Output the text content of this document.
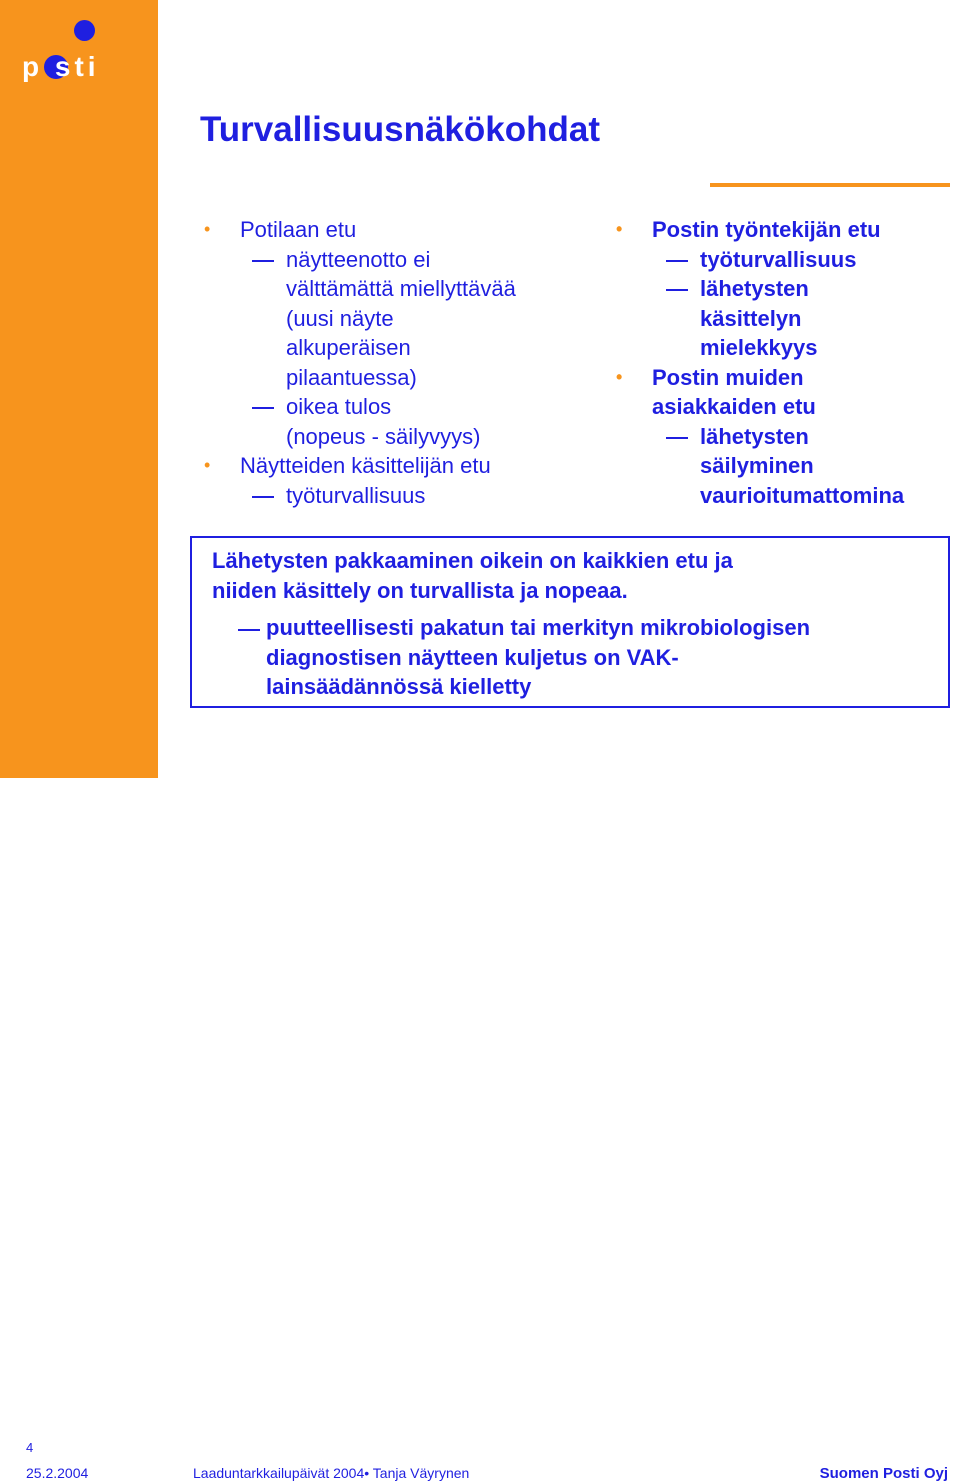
p sti
Turvallisuusnäkökohdat
• Potilaan etu
näytteenotto ei
välttämättä miellyttävää
(uusi näyte
alkuperäisen
pilaantuessa)
oikea tulos
(nopeus - säilyvyys)
• Näytteiden käsittelijän etu
työturvallisuus
• Postin työntekijän etu
työturvallisuus
lähetysten
käsittelyn
mielekkyys
• Postin muiden
asiakkaiden etu
lähetysten
säilyminen
vaurioitumattomina
Lähetysten pakkaaminen oikein on kaikkien etu ja
niiden käsittely on turvallista ja nopeaa.
puutteellisesti pakatun tai merkityn mikrobiologisen
diagnostisen näytteen kuljetus on VAK-
lainsäädännössä kielletty
4
25.2.2004	Laaduntarkkailupäivät 2004• Tanja Väyrynen	Suomen Posti Oyj
